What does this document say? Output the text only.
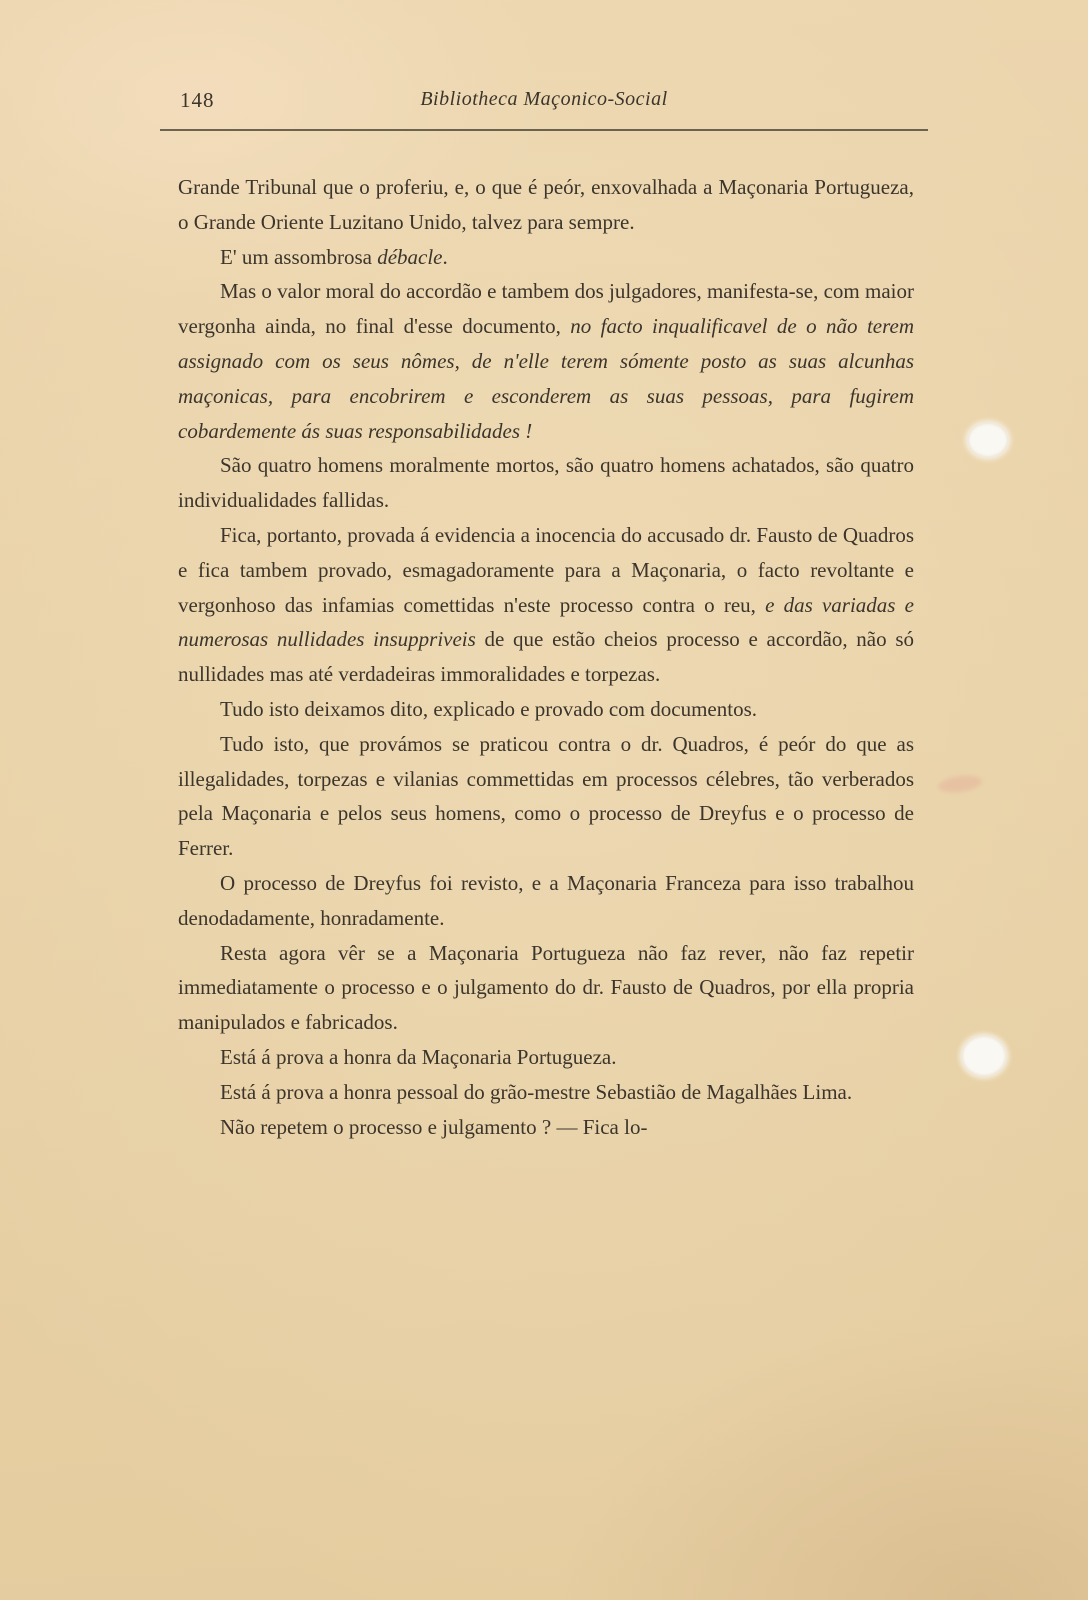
148	Bibliotheca Maçonico-Social

Grande Tribunal que o proferiu, e, o que é peór, enxovalhada a Maçonaria Portugueza, o Grande Oriente Luzitano Unido, talvez para sempre.

E' um assombrosa débacle.

Mas o valor moral do accordão e tambem dos julgadores, manifesta-se, com maior vergonha ainda, no final d'esse documento, no facto inqualificavel de o não terem assignado com os seus nômes, de n'elle terem sómente posto as suas alcunhas maçonicas, para encobrirem e esconderem as suas pessoas, para fugirem cobardemente ás suas responsabilidades !

São quatro homens moralmente mortos, são quatro homens achatados, são quatro individualidades fallidas.

Fica, portanto, provada á evidencia a inocencia do accusado dr. Fausto de Quadros e fica tambem provado, esmagadoramente para a Maçonaria, o facto revoltante e vergonhoso das infamias comettidas n'este processo contra o reu, e das variadas e numerosas nullidades insuppriveis de que estão cheios processo e accordão, não só nullidades mas até verdadeiras immoralidades e torpezas.

Tudo isto deixamos dito, explicado e provado com documentos.

Tudo isto, que provámos se praticou contra o dr. Quadros, é peór do que as illegalidades, torpezas e vilanias commettidas em processos célebres, tão verberados pela Maçonaria e pelos seus homens, como o processo de Dreyfus e o processo de Ferrer.

O processo de Dreyfus foi revisto, e a Maçonaria Franceza para isso trabalhou denodadamente, honradamente.

Resta agora vêr se a Maçonaria Portugueza não faz rever, não faz repetir immediatamente o processo e o julgamento do dr. Fausto de Quadros, por ella propria manipulados e fabricados.

Está á prova a honra da Maçonaria Portugueza.

Está á prova a honra pessoal do grão-mestre Sebastião de Magalhães Lima.

Não repetem o processo e julgamento ? — Fica lo-
